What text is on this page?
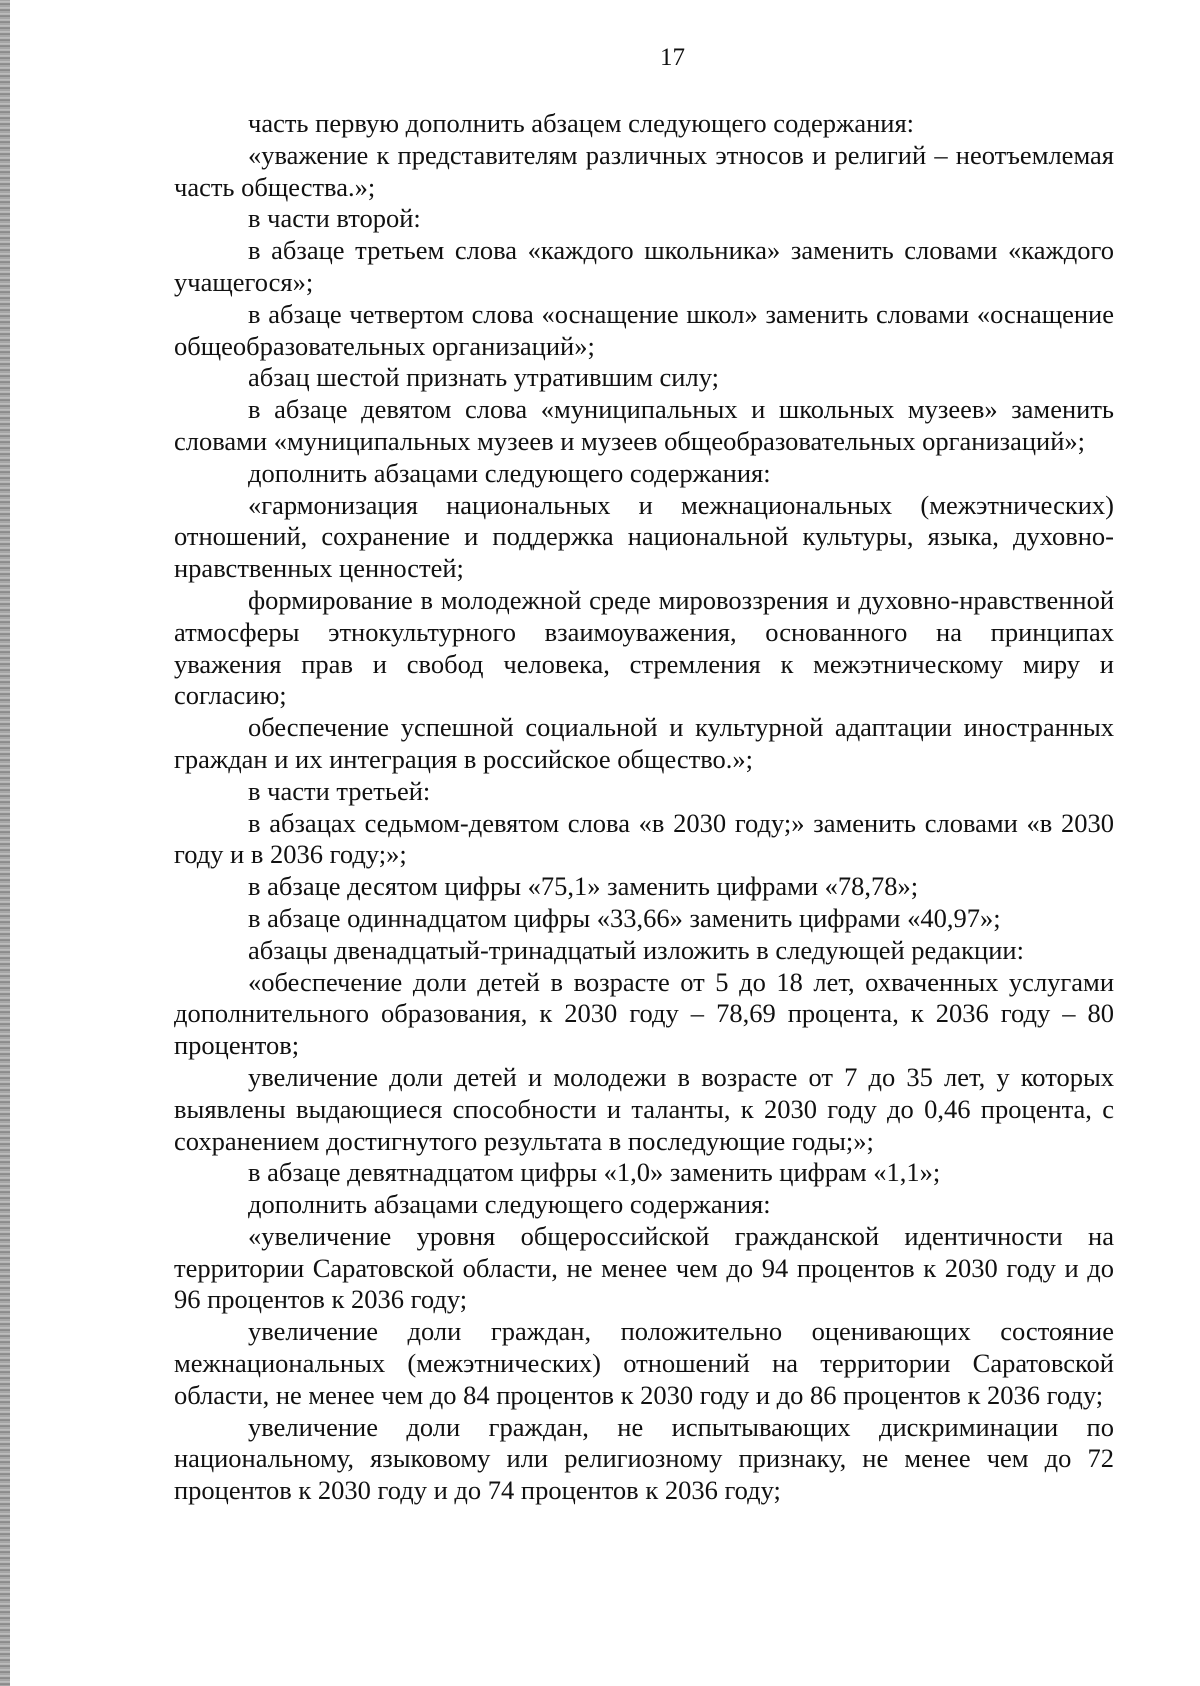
17

часть первую дополнить абзацем следующего содержания:

«уважение к представителям различных этносов и религий – неотъемлемая часть общества.»;

в части второй:

в абзаце третьем слова «каждого школьника» заменить словами «каждого учащегося»;

в абзаце четвертом слова «оснащение школ» заменить словами «оснащение общеобразовательных организаций»;

абзац шестой признать утратившим силу;

в абзаце девятом слова «муниципальных и школьных музеев» заменить словами «муниципальных музеев и музеев общеобразовательных организаций»;

дополнить абзацами следующего содержания:

«гармонизация национальных и межнациональных (межэтнических) отношений, сохранение и поддержка национальной культуры, языка, духовно-нравственных ценностей;

формирование в молодежной среде мировоззрения и духовно-нравственной атмосферы этнокультурного взаимоуважения, основанного на принципах уважения прав и свобод человека, стремления к межэтническому миру и согласию;

обеспечение успешной социальной и культурной адаптации иностранных граждан и их интеграция в российское общество.»;

в части третьей:

в абзацах седьмом-девятом слова «в 2030 году;» заменить словами «в 2030 году и в 2036 году;»;

в абзаце десятом цифры «75,1» заменить цифрами «78,78»;

в абзаце одиннадцатом цифры «33,66» заменить цифрами «40,97»;

абзацы двенадцатый-тринадцатый изложить в следующей редакции:

«обеспечение доли детей в возрасте от 5 до 18 лет, охваченных услугами дополнительного образования, к 2030 году – 78,69 процента, к 2036 году – 80 процентов;

увеличение доли детей и молодежи в возрасте от 7 до 35 лет, у которых выявлены выдающиеся способности и таланты, к 2030 году до 0,46 процента, с сохранением достигнутого результата в последующие годы;»;

в абзаце девятнадцатом цифры «1,0» заменить цифрам «1,1»;

дополнить абзацами следующего содержания:

«увеличение уровня общероссийской гражданской идентичности на территории Саратовской области, не менее чем до 94 процентов к 2030 году и до 96 процентов к 2036 году;

увеличение доли граждан, положительно оценивающих состояние межнациональных (межэтнических) отношений на территории Саратовской области, не менее чем до 84 процентов к 2030 году и до 86 процентов к 2036 году;

увеличение доли граждан, не испытывающих дискриминации по национальному, языковому или религиозному признаку, не менее чем до 72 процентов к 2030 году и до 74 процентов к 2036 году;
